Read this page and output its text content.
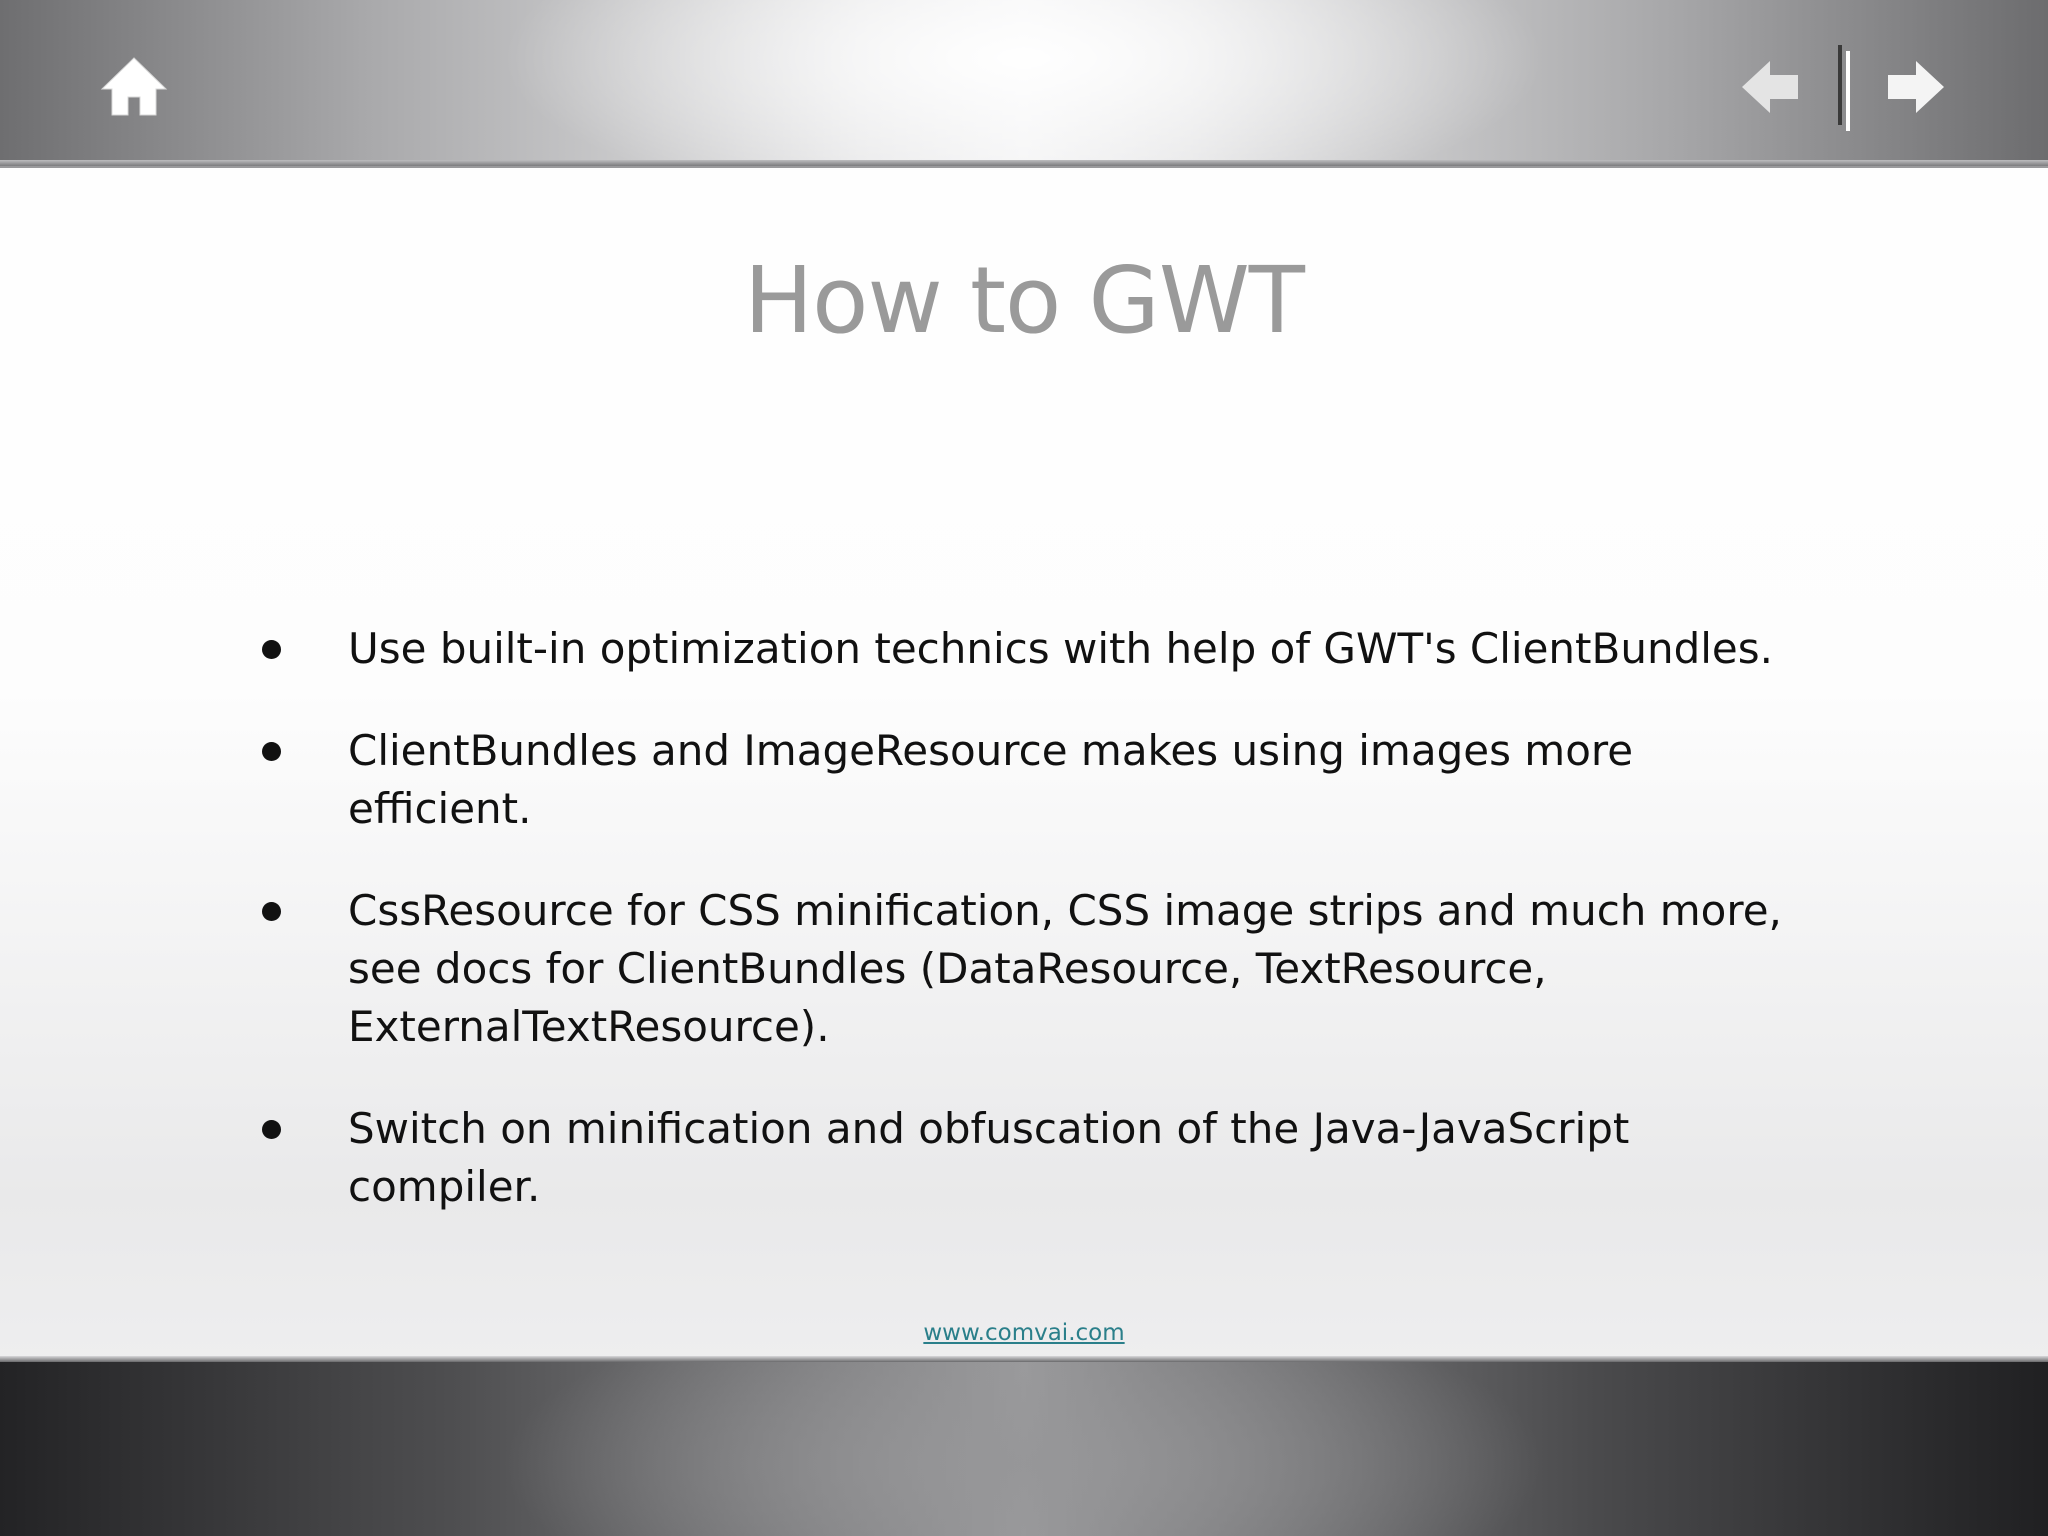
How to GWT
Use built-in optimization technics with help of GWT's ClientBundles.
ClientBundles and ImageResource makes using images more efficient.
CssResource for CSS minification, CSS image strips and much more, see docs for ClientBundles (DataResource, TextResource, ExternalTextResource).
Switch on minification and obfuscation of the Java-JavaScript compiler.
www.comvai.com
